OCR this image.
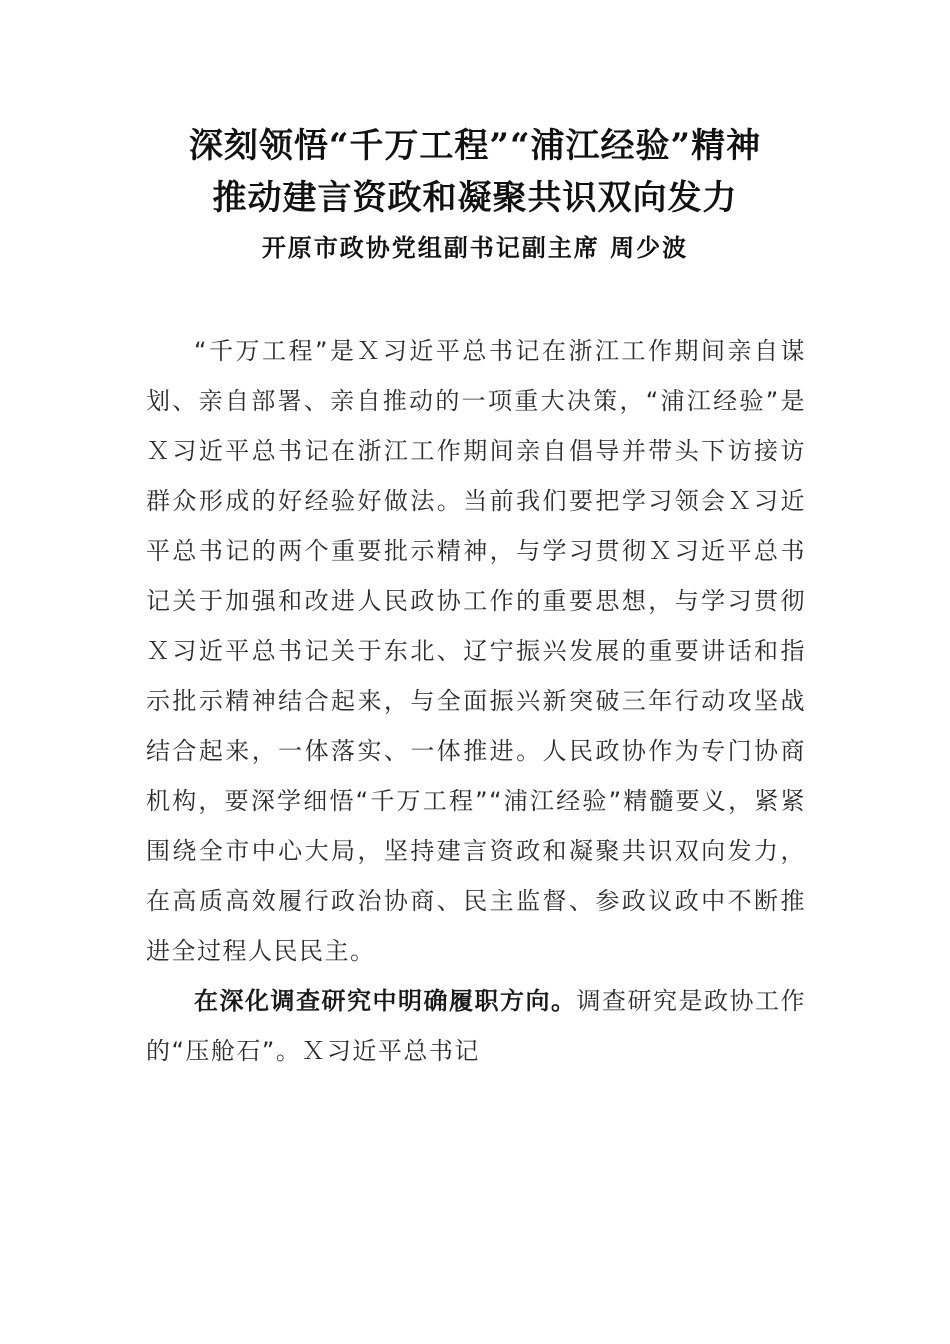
深刻领悟“千万工程”“浦江经验”精神
推动建言资政和凝聚共识双向发力
开原市政协党组副书记副主席 周少波

“千万工程”是Ｘ习近平总书记在浙江工作期间亲自谋划、亲自部署、亲自推动的一项重大决策，“浦江经验”是Ｘ习近平总书记在浙江工作期间亲自倡导并带头下访接访群众形成的好经验好做法。当前我们要把学习领会Ｘ习近平总书记的两个重要批示精神，与学习贯彻Ｘ习近平总书记关于加强和改进人民政协工作的重要思想，与学习贯彻Ｘ习近平总书记关于东北、辽宁振兴发展的重要讲话和指示批示精神结合起来，与全面振兴新突破三年行动攻坚战结合起来，一体落实、一体推进。人民政协作为专门协商机构，要深学细悟“千万工程”“浦江经验”精髓要义，紧紧围绕全市中心大局，坚持建言资政和凝聚共识双向发力，在高质高效履行政治协商、民主监督、参政议政中不断推进全过程人民民主。

在深化调查研究中明确履职方向。调查研究是政协工作的“压舱石”。Ｘ习近平总书记
